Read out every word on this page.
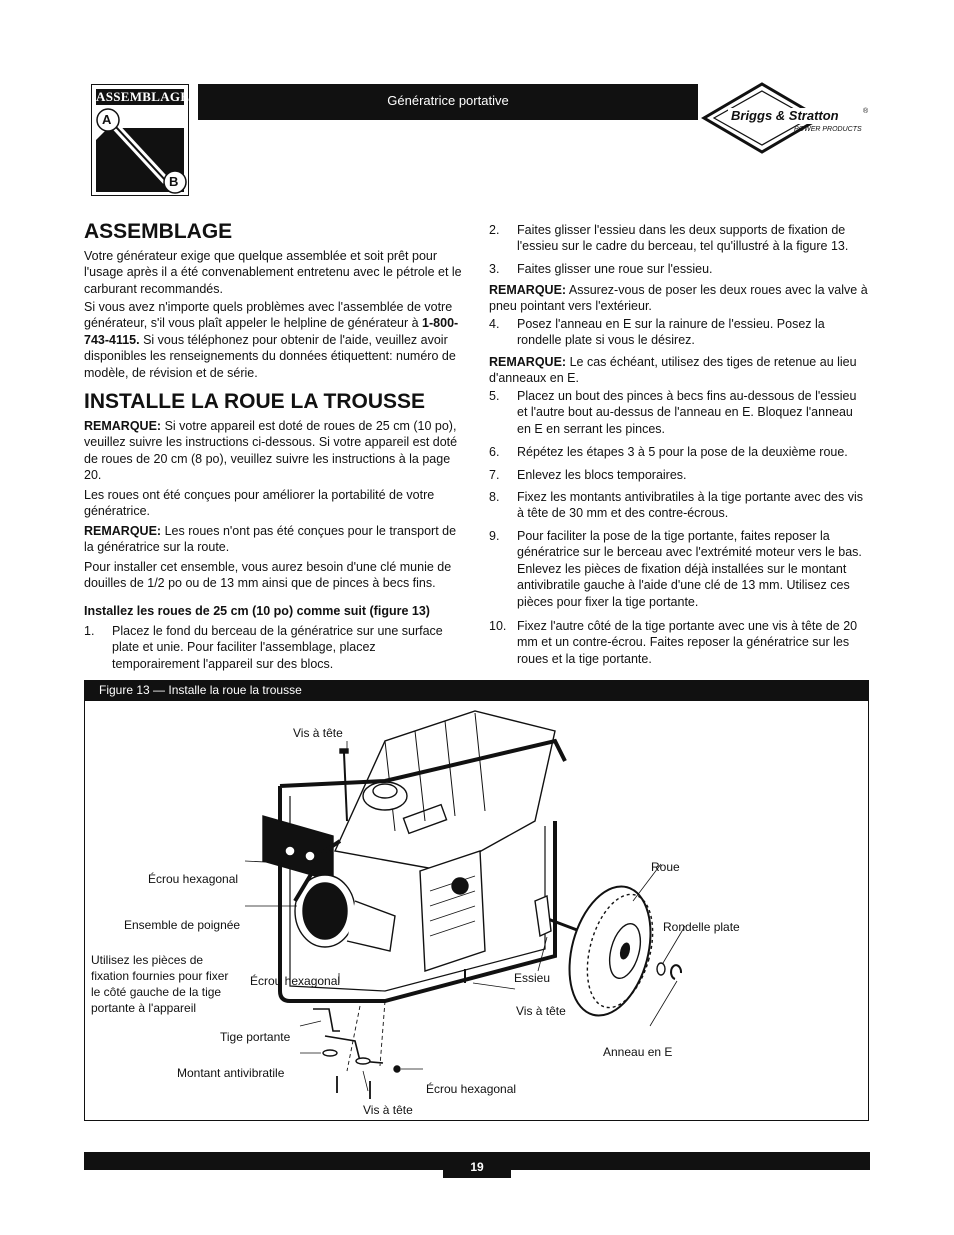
ASSEMBLAGE
A
B
Génératrice portative
Briggs & Stratton	®
POWER PRODUCTS
ASSEMBLAGE

Votre générateur exige que quelque assemblée et soit prêt pour l'usage après il a été convenablement entretenu avec le pétrole et le carburant recommandés.

Si vous avez n'importe quels problèmes avec l'assemblée de votre générateur, s'il vous plaît appeler le helpline de générateur à 1-800-743-4115. Si vous téléphonez pour obtenir de l'aide, veuillez avoir disponibles les renseignements du données étiquettent: numéro de modèle, de révision et de série.

INSTALLE LA ROUE LA TROUSSE

REMARQUE: Si votre appareil est doté de roues de 25 cm (10 po), veuillez suivre les instructions ci-dessous. Si votre appareil est doté de roues de 20 cm (8 po), veuillez suivre les instructions à la page 20.

Les roues ont été conçues pour améliorer la portabilité de votre génératrice.

REMARQUE: Les roues n'ont pas été conçues pour le transport de la génératrice sur la route.

Pour installer cet ensemble, vous aurez besoin d'une clé munie de douilles de 1/2 po ou de 13 mm ainsi que de pinces à becs fins.

Installez les roues de 25 cm (10 po) comme suit (figure 13)

1. Placez le fond du berceau de la génératrice sur une surface plate et unie. Pour faciliter l'assemblage, placez temporairement l'appareil sur des blocs.
2. Faites glisser l'essieu dans les deux supports de fixation de l'essieu sur le cadre du berceau, tel qu'illustré à la figure 13.
3. Faites glisser une roue sur l'essieu.

REMARQUE: Assurez-vous de poser les deux roues avec la valve à pneu pointant vers l'extérieur.

4. Posez l'anneau en E sur la rainure de l'essieu. Posez la rondelle plate si vous le désirez.

REMARQUE: Le cas échéant, utilisez des tiges de retenue au lieu d'anneaux en E.

5. Placez un bout des pinces à becs fins au-dessous de l'essieu et l'autre bout au-dessus de l'anneau en E. Bloquez l'anneau en E en serrant les pinces.
6. Répétez les étapes 3 à 5 pour la pose de la deuxième roue.
7. Enlevez les blocs temporaires.
8. Fixez les montants antivibratiles à la tige portante avec des vis à tête de 30 mm et des contre-écrous.
9. Pour faciliter la pose de la tige portante, faites reposer la génératrice sur le berceau avec l'extrémité moteur vers le bas. Enlevez les pièces de fixation déjà installées sur le montant antivibratile gauche à l'aide d'une clé de 13 mm. Utilisez ces pièces pour fixer la tige portante.
10. Fixez l'autre côté de la tige portante avec une vis à tête de 20 mm et un contre-écrou. Faites reposer la génératrice sur les roues et la tige portante.
Figure 13 — Installe la roue la trousse
Vis à tête
Écrou hexagonal
Ensemble de poignée
Utilisez les pièces de fixation fournies pour fixer le côté gauche de la tige portante à l'appareil
Écrou hexagonal
Tige portante
Montant antivibratile
Vis à tête
Écrou hexagonal
Essieu
Vis à tête
Roue
Rondelle plate
Anneau en E
19
